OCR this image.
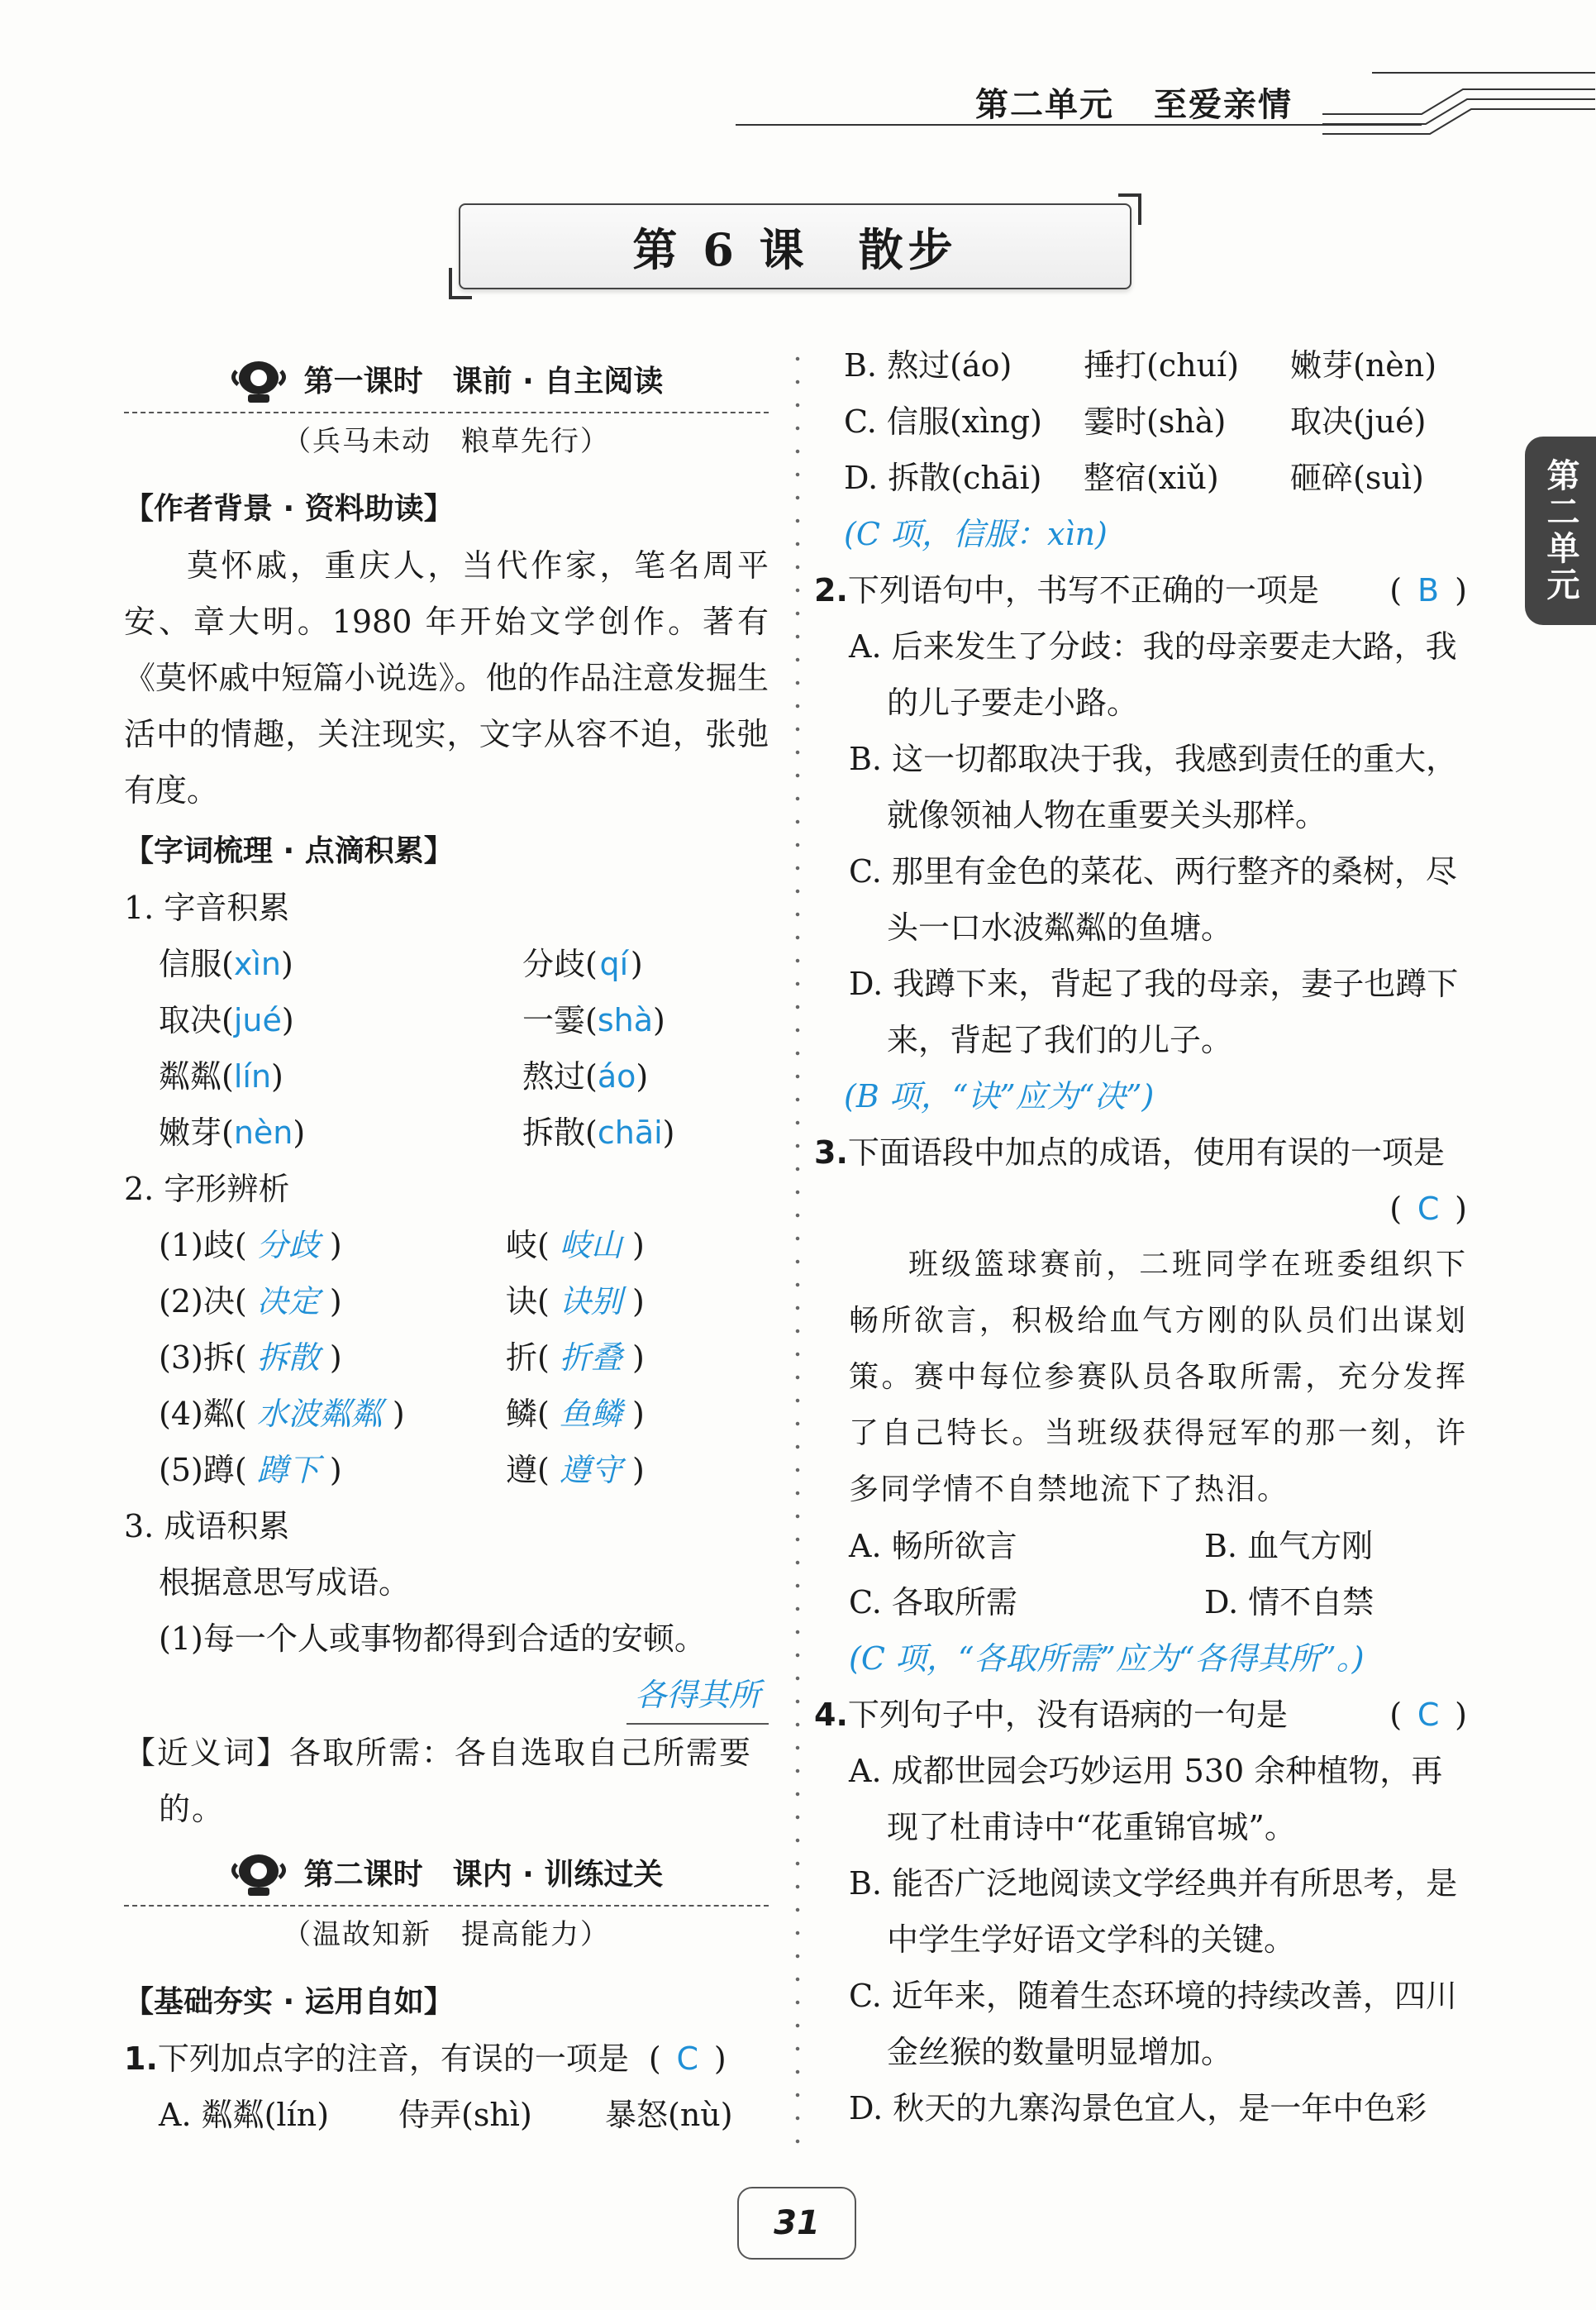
第二单元 至爱亲情
第二单元
第 6 课　散步
第一课时　课前 · 自主阅读
（兵马未动　粮草先行）
【作者背景 · 资料助读】
莫怀戚，重庆人，当代作家，笔名周平安、章大明。1980 年开始文学创作。著有《莫怀戚中短篇小说选》。他的作品注意发掘生活中的情趣，关注现实，文字从容不迫，张弛有度。
【字词梳理 · 点滴积累】
1. 字音积累
信服(xìn)	分歧(qí)
取决(jué)	一霎(shà)
粼粼(lín)	熬过(áo)
嫩芽(nèn)	拆散(chāi)
2. 字形辨析
(1)歧( 分歧 )	岐( 岐山 )
(2)决( 决定 )	诀( 诀别 )
(3)拆( 拆散 )	折( 折叠 )
(4)粼( 水波粼粼 )	鳞( 鱼鳞 )
(5)蹲( 蹲下 )	遵( 遵守 )
3. 成语积累
根据意思写成语。
(1)每一个人或事物都得到合适的安顿。
各得其所
【近义词】各取所需：各自选取自己所需要的。
第二课时　课内 · 训练过关
（温故知新　提高能力）
【基础夯实 · 运用自如】
1. 下列加点字的注音，有误的一项是 ( C )
A. 粼粼(lín)	侍弄(shì)	暴怒(nù)
B. 熬过(áo)	捶打(chuí)	嫩芽(nèn)
C. 信服(xìng)	霎时(shà)	取决(jué)
D. 拆散(chāi)	整宿(xiǔ)	砸碎(suì)
(C 项，信服：xìn)
2. 下列语句中，书写不正确的一项是 ( B )
A. 后来发生了分歧：我的母亲要走大路，我的儿子要走小路。
B. 这一切都取决于我，我感到责任的重大，就像领袖人物在重要关头那样。
C. 那里有金色的菜花、两行整齐的桑树，尽头一口水波粼粼的鱼塘。
D. 我蹲下来，背起了我的母亲，妻子也蹲下来，背起了我们的儿子。
(B 项，“诀”应为“决”)
3. 下面语段中加点的成语，使用有误的一项是
( C )
班级篮球赛前，二班同学在班委组织下畅所欲言，积极给血气方刚的队员们出谋划策。赛中每位参赛队员各取所需，充分发挥了自己特长。当班级获得冠军的那一刻，许多同学情不自禁地流下了热泪。
A. 畅所欲言	B. 血气方刚
C. 各取所需	D. 情不自禁
(C 项，“各取所需”应为“各得其所”。)
4. 下列句子中，没有语病的一句是	( C )
A. 成都世园会巧妙运用 530 余种植物，再现了杜甫诗中“花重锦官城”。
B. 能否广泛地阅读文学经典并有所思考，是中学生学好语文学科的关键。
C. 近年来，随着生态环境的持续改善，四川金丝猴的数量明显增加。
D. 秋天的九寨沟景色宜人，是一年中色彩
31
